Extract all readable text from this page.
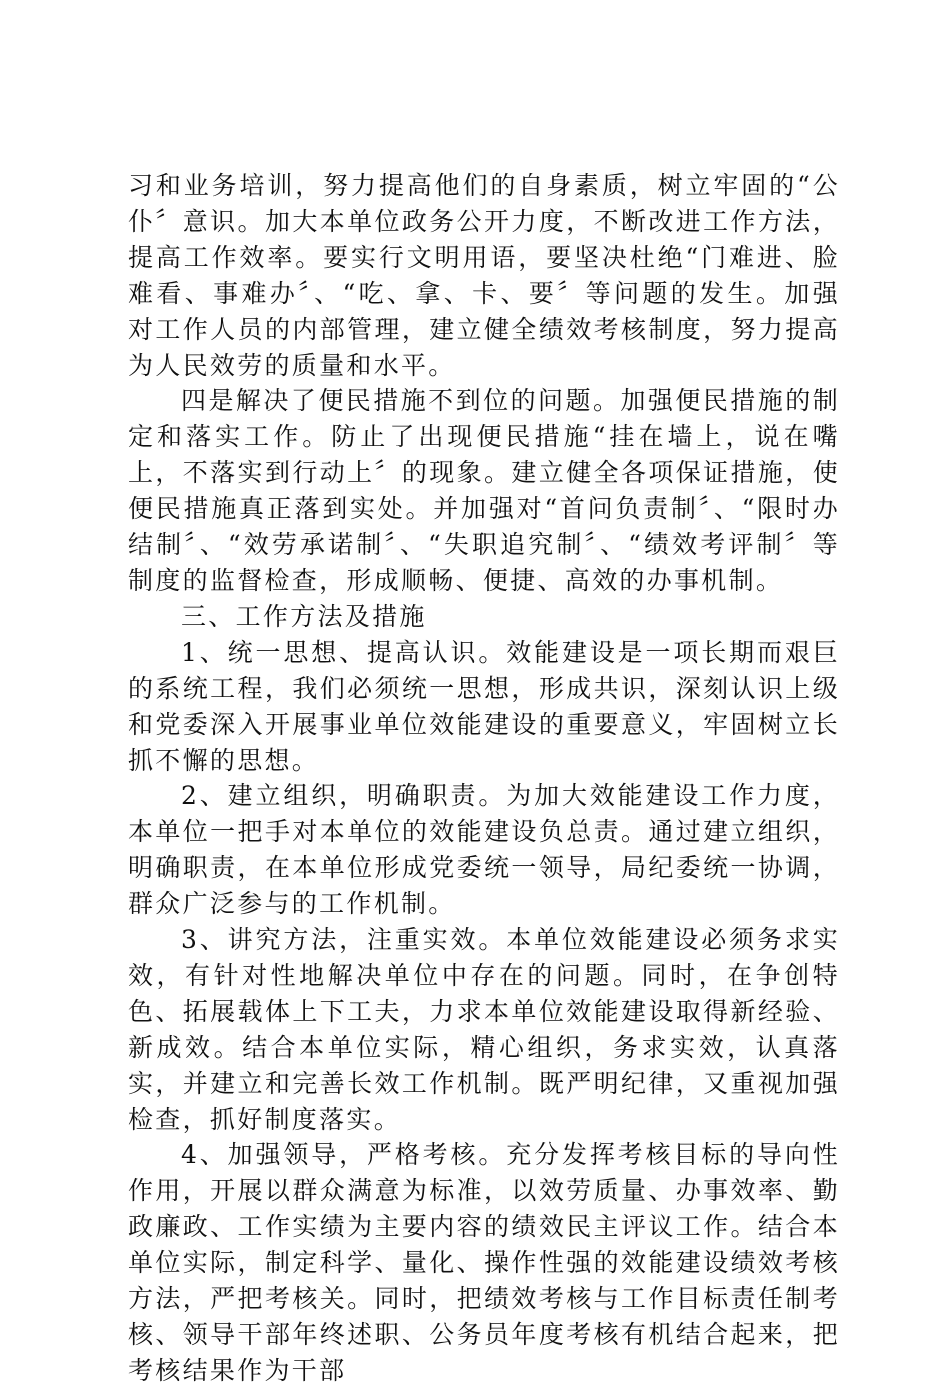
习和业务培训，努力提高他们的自身素质，树立牢固的“公仆〞意识。加大本单位政务公开力度，不断改进工作方法，提高工作效率。要实行文明用语，要坚决杜绝“门难进、脸难看、事难办〞、“吃、拿、卡、要〞等问题的发生。加强对工作人员的内部管理，建立健全绩效考核制度，努力提高为人民效劳的质量和水平。

四是解决了便民措施不到位的问题。加强便民措施的制定和落实工作。防止了出现便民措施“挂在墙上，说在嘴上，不落实到行动上〞的现象。建立健全各项保证措施，使便民措施真正落到实处。并加强对“首问负责制〞、“限时办结制〞、“效劳承诺制〞、“失职追究制〞、“绩效考评制〞等制度的监督检查，形成顺畅、便捷、高效的办事机制。

三、工作方法及措施

1、统一思想、提高认识。效能建设是一项长期而艰巨的系统工程，我们必须统一思想，形成共识，深刻认识上级和党委深入开展事业单位效能建设的重要意义，牢固树立长抓不懈的思想。

2、建立组织，明确职责。为加大效能建设工作力度，本单位一把手对本单位的效能建设负总责。通过建立组织，明确职责，在本单位形成党委统一领导，局纪委统一协调，群众广泛参与的工作机制。

3、讲究方法，注重实效。本单位效能建设必须务求实效，有针对性地解决单位中存在的问题。同时，在争创特色、拓展载体上下工夫，力求本单位效能建设取得新经验、新成效。结合本单位实际，精心组织，务求实效，认真落实，并建立和完善长效工作机制。既严明纪律，又重视加强检查，抓好制度落实。

4、加强领导，严格考核。充分发挥考核目标的导向性作用，开展以群众满意为标准，以效劳质量、办事效率、勤政廉政、工作实绩为主要内容的绩效民主评议工作。结合本单位实际，制定科学、量化、操作性强的效能建设绩效考核方法，严把考核关。同时，把绩效考核与工作目标责任制考核、领导干部年终述职、公务员年度考核有机结合起来，把考核结果作为干部
